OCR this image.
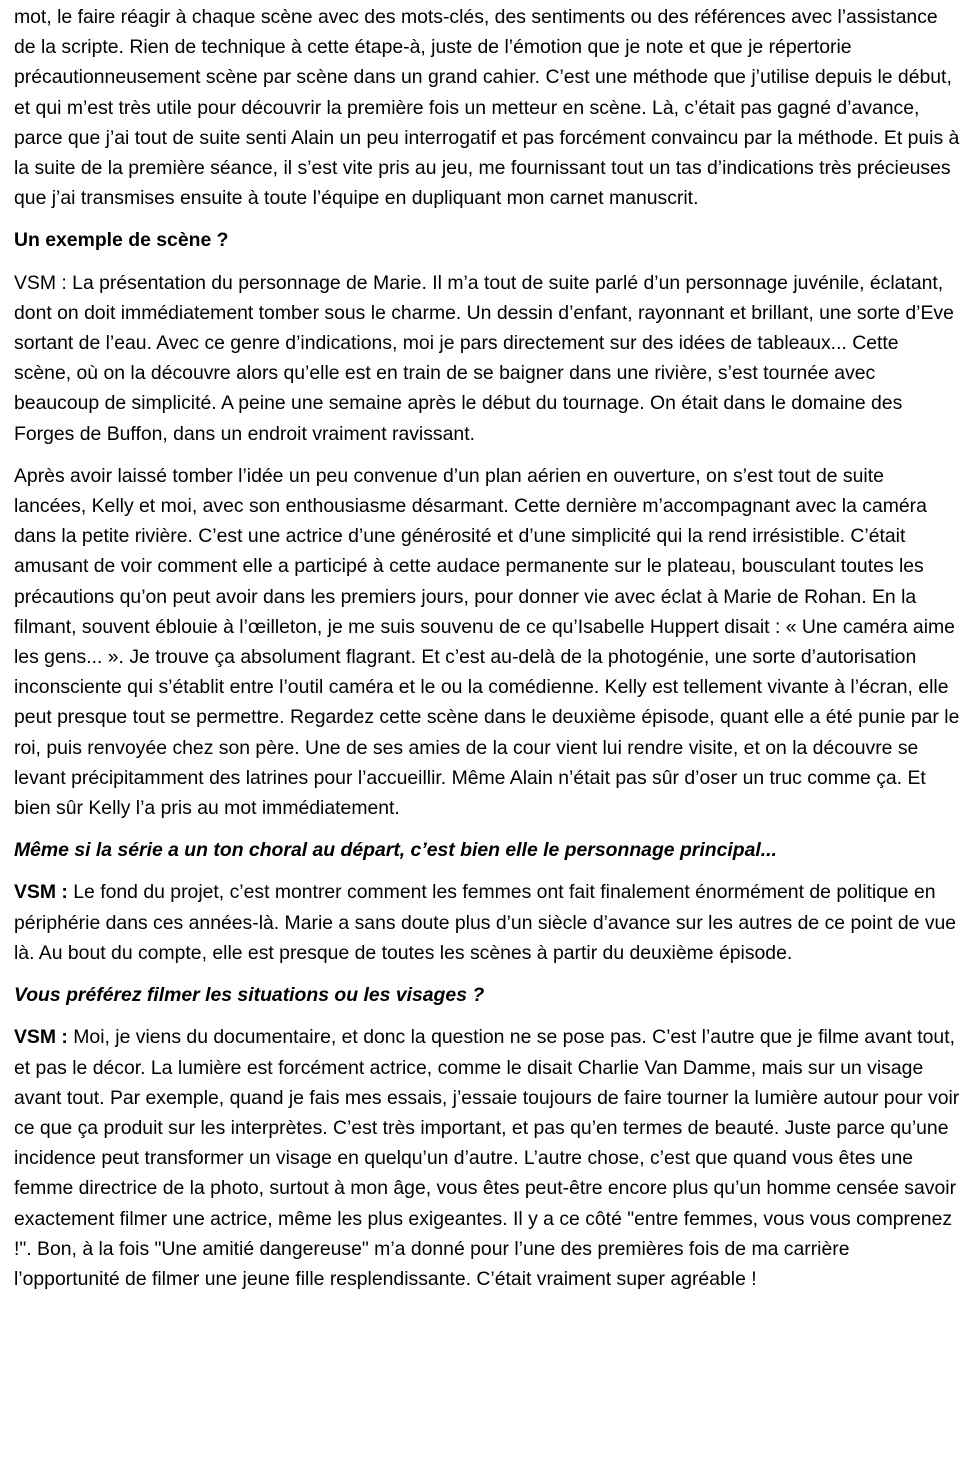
mot, le faire réagir à chaque scène avec des mots-clés, des sentiments ou des références avec l’assistance de la scripte. Rien de technique à cette étape-à, juste de l’émotion que je note et que je répertorie précautionneusement scène par scène dans un grand cahier. C’est une méthode que j’utilise depuis le début, et qui m’est très utile pour découvrir la première fois un metteur en scène. Là, c’était pas gagné d’avance, parce que j’ai tout de suite senti Alain un peu interrogatif et pas forcément convaincu par la méthode. Et puis à la suite de la première séance, il s’est vite pris au jeu, me fournissant tout un tas d’indications très précieuses que j’ai transmises ensuite à toute l’équipe en dupliquant mon carnet manuscrit.

Un exemple de scène ?

VSM : La présentation du personnage de Marie. Il m’a tout de suite parlé d’un personnage juvénile, éclatant, dont on doit immédiatement tomber sous le charme. Un dessin d’enfant, rayonnant et brillant, une sorte d’Eve sortant de l’eau. Avec ce genre d’indications, moi je pars directement sur des idées de tableaux... Cette scène, où on la découvre alors qu’elle est en train de se baigner dans une rivière, s’est tournée avec beaucoup de simplicité. A peine une semaine après le début du tournage. On était dans le domaine des Forges de Buffon, dans un endroit vraiment ravissant.

Après avoir laissé tomber l’idée un peu convenue d’un plan aérien en ouverture, on s’est tout de suite lancées, Kelly et moi, avec son enthousiasme désarmant. Cette dernière m’accompagnant avec la caméra dans la petite rivière. C’est une actrice d’une générosité et d’une simplicité qui la rend irrésistible. C’était amusant de voir comment elle a participé à cette audace permanente sur le plateau, bousculant toutes les précautions qu’on peut avoir dans les premiers jours, pour donner vie avec éclat à Marie de Rohan. En la filmant, souvent éblouie à l’œilleton, je me suis souvenu de ce qu’Isabelle Huppert disait : « Une caméra aime les gens... ». Je trouve ça absolument flagrant. Et c’est au-delà de la photogénie, une sorte d’autorisation inconsciente qui s’établit entre l’outil caméra et le ou la comédienne. Kelly est tellement vivante à l’écran, elle peut presque tout se permettre. Regardez cette scène dans le deuxième épisode, quant elle a été punie par le roi, puis renvoyée chez son père. Une de ses amies de la cour vient lui rendre visite, et on la découvre se levant précipitamment des latrines pour l’accueillir. Même Alain n’était pas sûr d’oser un truc comme ça. Et bien sûr Kelly l’a pris au mot immédiatement.

Même si la série a un ton choral au départ, c’est bien elle le personnage principal...

VSM : Le fond du projet, c’est montrer comment les femmes ont fait finalement énormément de politique en périphérie dans ces années-là. Marie a sans doute plus d’un siècle d’avance sur les autres de ce point de vue là. Au bout du compte, elle est presque de toutes les scènes à partir du deuxième épisode.

Vous préférez filmer les situations ou les visages ?

VSM : Moi, je viens du documentaire, et donc la question ne se pose pas. C’est l’autre que je filme avant tout, et pas le décor. La lumière est forcément actrice, comme le disait Charlie Van Damme, mais sur un visage avant tout. Par exemple, quand je fais mes essais, j’essaie toujours de faire tourner la lumière autour pour voir ce que ça produit sur les interprètes. C’est très important, et pas qu’en termes de beauté. Juste parce qu’une incidence peut transformer un visage en quelqu’un d’autre. L’autre chose, c’est que quand vous êtes une femme directrice de la photo, surtout à mon âge, vous êtes peut-être encore plus qu’un homme censée savoir exactement filmer une actrice, même les plus exigeantes. Il y a ce côté "entre femmes, vous vous comprenez !". Bon, à la fois "Une amitié dangereuse" m’a donné pour l’une des premières fois de ma carrière l’opportunité de filmer une jeune fille resplendissante. C’était vraiment super agréable !
